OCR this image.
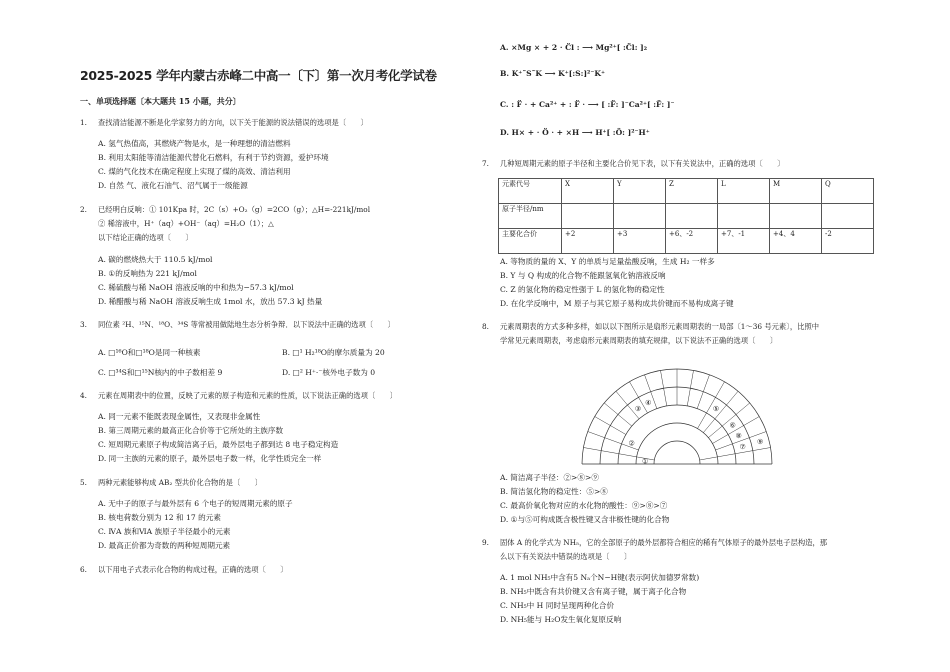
2025-2025 学年内蒙古赤峰二中高一〔下〕第一次月考化学试卷
一、单项选择题〔本大题共 15 小题，共分〕
1. 查找清洁能源不断是化学家努力的方向，以下关于能源的说法错误的选项是〔　　〕
A. 氢气热值高，其燃烧产物是水，是一种理想的清洁燃料
B. 利用太阳能等清洁能源代替化石燃料，有利于节约资源，爱护环境
C. 煤的气化技术在确定程度上实现了煤的高效、清洁利用
D. 自然 气、液化石油气、沼气属于一级能源
2. 已经明白反响：① 101Kpa 时，2C（s）+O₂（g）=2CO（g）；△H=-221kJ/mol
② 稀溶液中，H⁺（aq）+OH⁻（aq）=H₂O（1）；△
以下结论正确的选项〔　　〕
A. 碳的燃烧热大于 110.5 kJ/mol
B. ①的反响热为 221 kJ/mol
C. 稀硫酸与稀 NaOH 溶液反响的中和热为−57.3 kJ/mol
D. 稀醋酸与稀 NaOH 溶液反响生成 1mol 水，放出 57.3 kJ 热量
3. 同位素 ²H、¹⁵N、¹⁸O、³⁴S 等常被用做陆地生态分析争辩．以下说法中正确的选项〔　　〕
A. □¹⁶O和□¹⁸O是同一种核素	B. □¹ H₂¹⁸O的摩尔质量为 20
C. □³⁴S和□¹⁵N核内的中子数相差 9	D. □² H⁺·⁻核外电子数为 0
4. 元素在周期表中的位置，反映了元素的原子构造和元素的性质，以下说法正确的选项〔　　〕
A. 同一元素不能既表现金属性，又表现非金属性
B. 第三周期元素的最高正化合价等于它所处的主族序数
C. 短周期元素原子构成简洁离子后，最外层电子都到达 8 电子稳定构造
D. 同一主族的元素的原子，最外层电子数一样，化学性质完全一样
5. 两种元素能够构成 AB₂ 型共价化合物的是〔　　〕
A. 无中子的原子与最外层有 6 个电子的短周期元素的原子
B. 核电荷数分别为 12 和 17 的元素
C. ⅣA 族和ⅥA 族原子半径最小的元素
D. 最高正价都为奇数的两种短周期元素
6. 以下用电子式表示化合物的构成过程，正确的选项〔　　〕
A. ×Mg × + 2 · C̈l : ⟶ Mg²⁺[ :C̈l: ]₂
B. K⁺˜S˜K ⟶ K⁺[:S:]²⁻K⁺
C. : F̈ · + Ca²⁺ + : F̈ · ⟶ [ :F̈: ]⁻Ca²⁺[ :F̈: ]⁻
D. H× + · Ö · + ×H ⟶ H⁺[ :Ö: ]²⁻H⁺
7. 几种短周期元素的原子半径和主要化合价见下表，以下有关说法中，正确的选项〔　　〕
元素代号	X	Y	Z	L	M	Q
原子半径/nm						
主要化合价	+2	+3	+6、-2	+7、-1	+4、4	-2
A. 等物质的量的 X、Y 的单质与足量盐酸反响，生成 H₂ 一样多
B. Y 与 Q 构成的化合物不能跟氢氧化钠溶液反响
C. Z 的氢化物的稳定性强于 L 的氢化物的稳定性
D. 在化学反响中，M 原子与其它原子易构成共价键而不易构成离子键
8. 元素周期表的方式多种多样，如以以下图所示是扇形元素周期表的一局部〔1～36 号元素〕，比照中
学常见元素周期表，考虑扇形元素周期表的填充规律，以下说法不正确的选项〔　　〕
①
②
③
④
⑤
⑥
⑦
⑧
⑨
A. 简洁离子半径：②>⑧>⑨
B. 简洁氢化物的稳定性：⑤>⑧
C. 最高价氧化物对应的水化物的酸性：⑨>⑧>⑦
D. ①与⑤可构成既含极性键又含非极性键的化合物
9. 固体 A 的化学式为 NH₅，它的全部原子的最外层都符合相应的稀有气体原子的最外层电子层构造，那
么以下有关说法中错误的选项是〔　　〕
A. 1 mol NH₅中含有5 Nₐ个N−H键(表示阿伏加德罗常数)
B. NH₅中既含有共价键又含有离子键，属于离子化合物
C. NH₅中 H 同时呈现两种化合价
D. NH₅能与 H₂O发生氧化复原反响
